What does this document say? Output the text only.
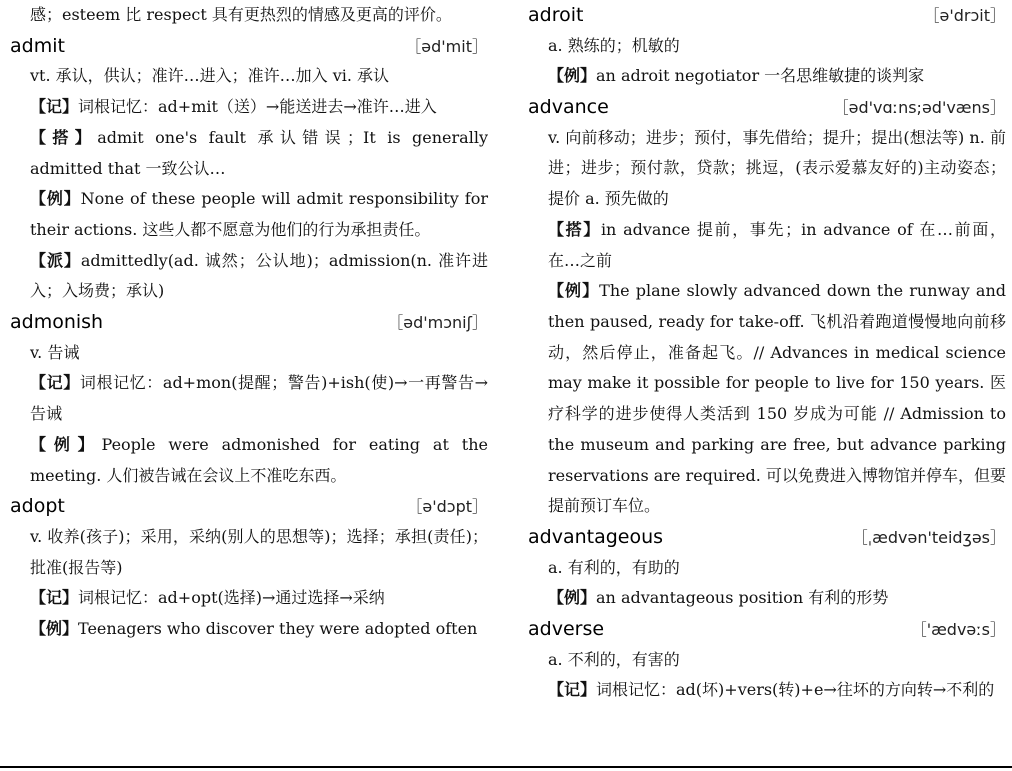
感；esteem 比 respect 具有更热烈的情感及更高的评价。

admit	［əd'mit］

vt. 承认，供认；准许…进入；准许…加入 vi. 承认

【记】词根记忆：ad+mit（送）→能送进去→准许…进入

【搭】admit one's fault 承认错误；It is generally admitted that 一致公认…

【例】None of these people will admit responsibility for their actions. 这些人都不愿意为他们的行为承担责任。

【派】admittedly(ad. 诚然；公认地)；admission(n. 准许进入；入场费；承认)

admonish	［əd'mɔniʃ］

v. 告诫

【记】词根记忆：ad+mon(提醒；警告)+ish(使)→一再警告→告诫

【例】People were admonished for eating at the meeting. 人们被告诫在会议上不准吃东西。

adopt	［ə'dɔpt］

v. 收养(孩子)；采用，采纳(别人的思想等)；选择；承担(责任)；批准(报告等)

【记】词根记忆：ad+opt(选择)→通过选择→采纳

【例】Teenagers who discover they were adopted often

adroit	［ə'drɔit］

a. 熟练的；机敏的

【例】an adroit negotiator 一名思维敏捷的谈判家

advance	［əd'vɑːns;əd'væns］

v. 向前移动；进步；预付，事先借给；提升；提出(想法等) n. 前进；进步；预付款，贷款；挑逗，(表示爱慕友好的)主动姿态；提价 a. 预先做的

【搭】in advance 提前，事先；in advance of 在…前面，在…之前

【例】The plane slowly advanced down the runway and then paused, ready for take-off. 飞机沿着跑道慢慢地向前移动，然后停止，准备起飞。// Advances in medical science may make it possible for people to live for 150 years. 医疗科学的进步使得人类活到 150 岁成为可能 // Admission to the museum and parking are free, but advance parking reservations are required. 可以免费进入博物馆并停车，但要提前预订车位。

advantageous	［ˌædvən'teidʒəs］

a. 有利的，有助的

【例】an advantageous position 有利的形势

adverse	［'ædvəːs］

a. 不利的，有害的

【记】词根记忆：ad(坏)+vers(转)+e→往坏的方向转→不利的
